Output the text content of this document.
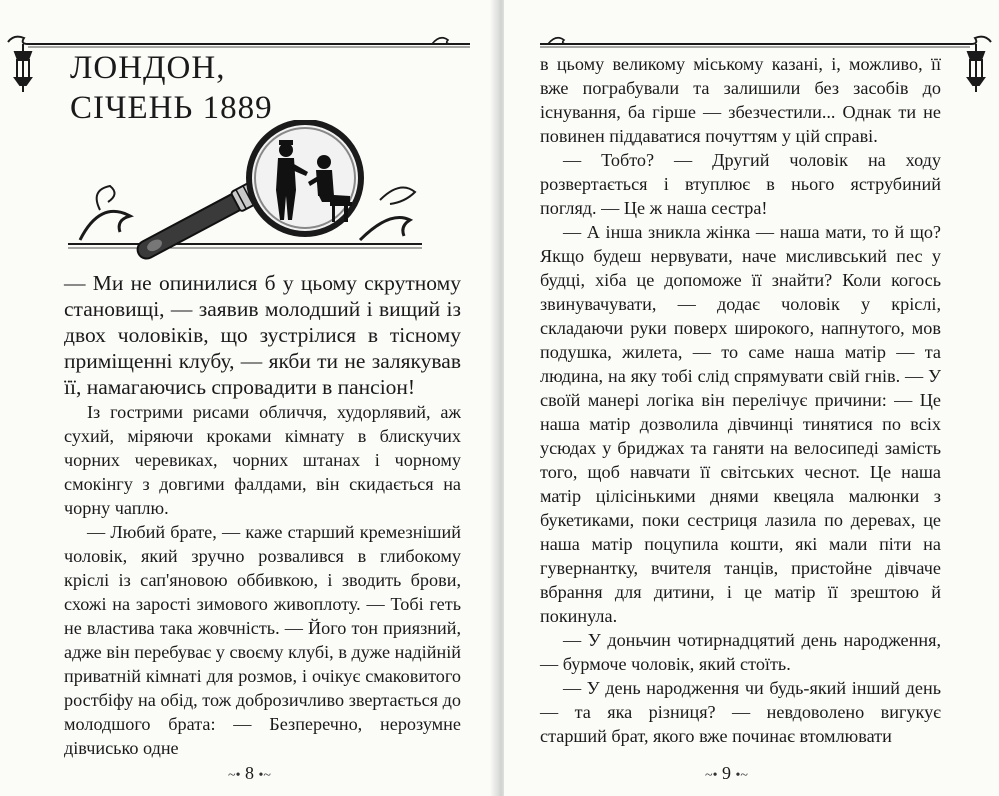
ЛОНДОН,
СІЧЕНЬ 1889

— Ми не опинилися б у цьому скрутному становищі, — заявив молодший і вищий із двох чоловіків, що зустрілися в тісному приміщенні клубу, — якби ти не залякував її, намагаючись спровадити в пансіон!

Із гострими рисами обличчя, худорлявий, аж сухий, міряючи кроками кімнату в блискучих чорних черевиках, чорних штанах і чорному смокінгу з довгими фалдами, він скидається на чорну чаплю.

— Любий брате, — каже старший кремезніший чоловік, який зручно розвалився в глибокому кріслі із сап'яновою оббивкою, і зводить брови, схожі на зарості зимового живоплоту. — Тобі геть не властива така жовчність. — Його тон приязний, адже він перебуває у своєму клубі, в дуже надійній приватній кімнаті для розмов, і очікує смаковитого ростбіфу на обід, тож доброзичливо звертається до молодшого брата: — Безперечно, нерозумне дівчисько одне

~• 8 •~

в цьому великому міському казані, і, можливо, її вже пограбували та залишили без засобів до існування, ба гірше — збезчестили... Однак ти не повинен піддаватися почуттям у цій справі.

— Тобто? — Другий чоловік на ходу розвертається і втуплює в нього яструбиний погляд. — Це ж наша сестра!

— А інша зникла жінка — наша мати, то й що? Якщо будеш нервувати, наче мисливський пес у будці, хіба це допоможе її знайти? Коли когось звинувачувати, — додає чоловік у кріслі, складаючи руки поверх широкого, напнутого, мов подушка, жилета, — то саме наша матір — та людина, на яку тобі слід спрямувати свій гнів. — У своїй манері логіка він перелічує причини: — Це наша матір дозволила дівчинці тинятися по всіх усюдах у бриджах та ганяти на велосипеді замість того, щоб навчати її світських чеснот. Це наша матір цілісінькими днями квецяла малюнки з букетиками, поки сестриця лазила по деревах, це наша матір поцупила кошти, які мали піти на гувернантку, вчителя танців, пристойне дівчаче вбрання для дитини, і це матір її зрештою й покинула.

— У доньчин чотирнадцятий день народження, — бурмоче чоловік, який стоїть.

— У день народження чи будь-який інший день — та яка різниця? — невдоволено вигукує старший брат, якого вже починає втомлювати

~• 9 •~
